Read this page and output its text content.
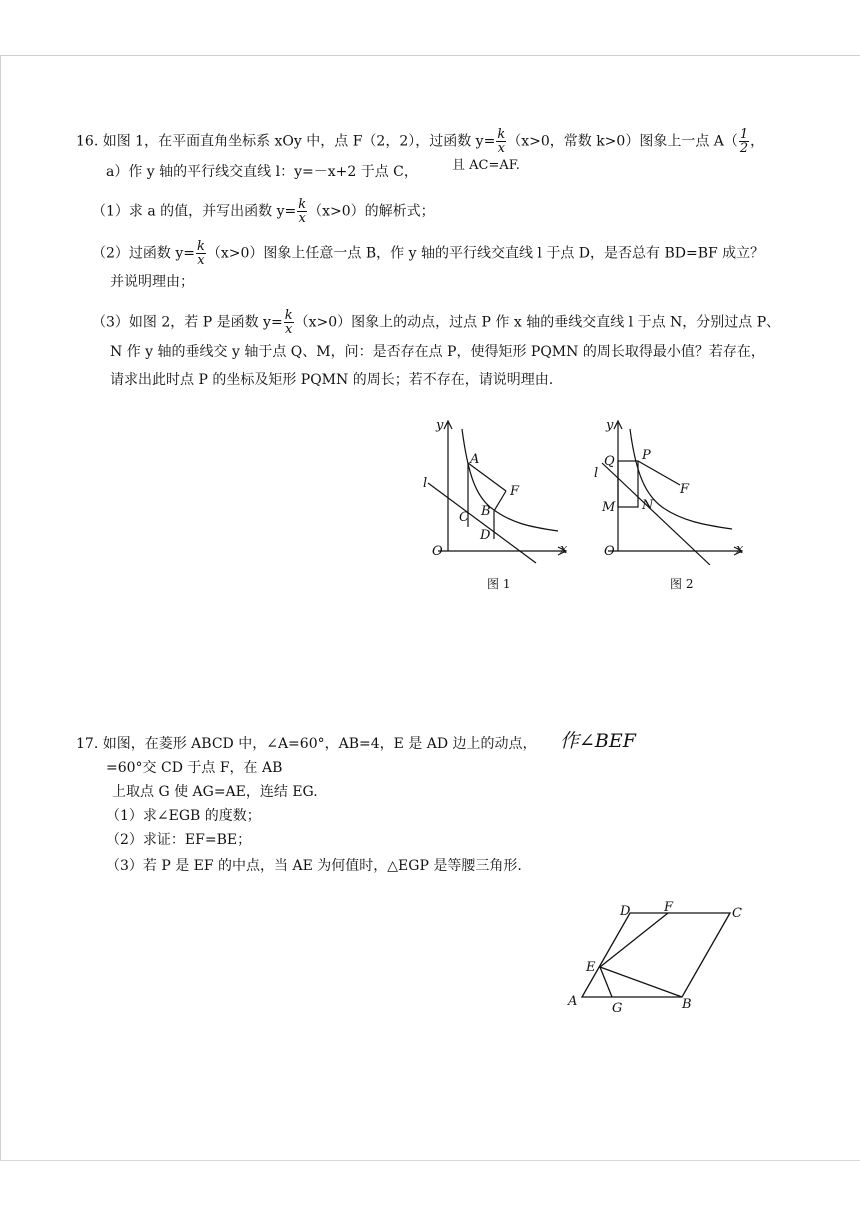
16. 如图 1，在平面直角坐标系 xOy 中，点 F（2，2），过函数 $y= \frac{k}{x} (x>0$，常数 k>0）图象上一点 $A( \frac{1}{2}$ ，
a）作 y 轴的平行线交直线 l：y=－x+2 于点 C，	且 AC=AF.
（1）求 a 的值，并写出函数 $y= \frac{k}{x} (x>0)$的解析式；
（2）过函数 $y= \frac{k}{x} (x>0)$图象上任意一点 B，作 y 轴的平行线交直线 l 于点 D，是否总有 BD=BF 成立？
并说明理由；
（3）如图 2，若 P 是函数 $y= \frac{k}{x} (x>0)$图象上的动点，过点 P 作 x 轴的垂线交直线 l 于点 N，分别过点 P、
N 作 y 轴的垂线交 y 轴于点 Q、M，问：是否存在点 P，使得矩形 PQMN 的周长取得最小值？若存在，
请求出此时点 P 的坐标及矩形 PQMN 的周长；若不存在，请说明理由.
y
x
O
l
A
F
C B
D
图 1
y
x
O
l
Q P
F
M N
图 2
17. 如图，在菱形 ABCD 中，∠A=60°，AB=4，E 是 AD 边上的动点， 作∠BEF
=60°交 CD 于点 F，在 AB
上取点 G 使 AG=AE，连结 EG.
（1）求∠EGB 的度数；
（2）求证：EF=BE；
（3）若 P 是 EF 的中点，当 AE 为何值时，△EGP 是等腰三角形.
D	F	C
E
A	G	B
